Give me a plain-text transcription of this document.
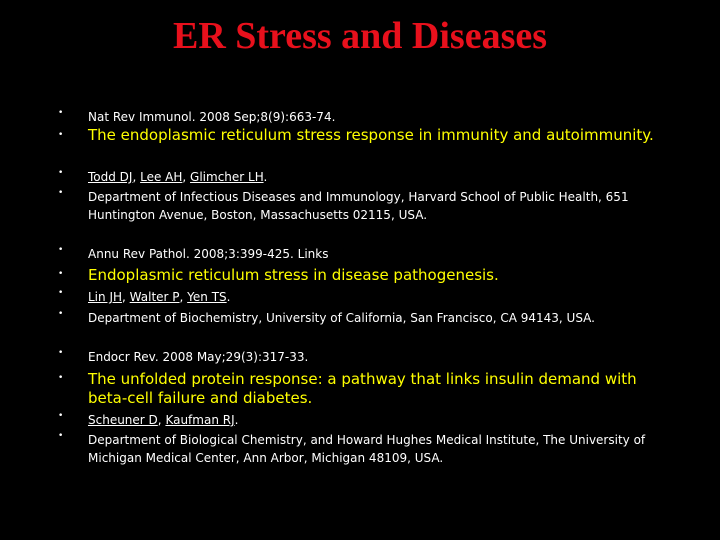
ER Stress and Diseases
• Nat Rev Immunol. 2008 Sep;8(9):663-74.
• The endoplasmic reticulum stress response in immunity and autoimmunity.
• Todd DJ, Lee AH, Glimcher LH.
• Department of Infectious Diseases and Immunology, Harvard School of Public Health, 651 Huntington Avenue, Boston, Massachusetts 02115, USA.
• Annu Rev Pathol. 2008;3:399-425. Links
• Endoplasmic reticulum stress in disease pathogenesis.
• Lin JH, Walter P, Yen TS.
• Department of Biochemistry, University of California, San Francisco, CA 94143, USA.
• Endocr Rev. 2008 May;29(3):317-33.
• The unfolded protein response: a pathway that links insulin demand with beta-cell failure and diabetes.
• Scheuner D, Kaufman RJ.
• Department of Biological Chemistry, and Howard Hughes Medical Institute, The University of Michigan Medical Center, Ann Arbor, Michigan 48109, USA.
